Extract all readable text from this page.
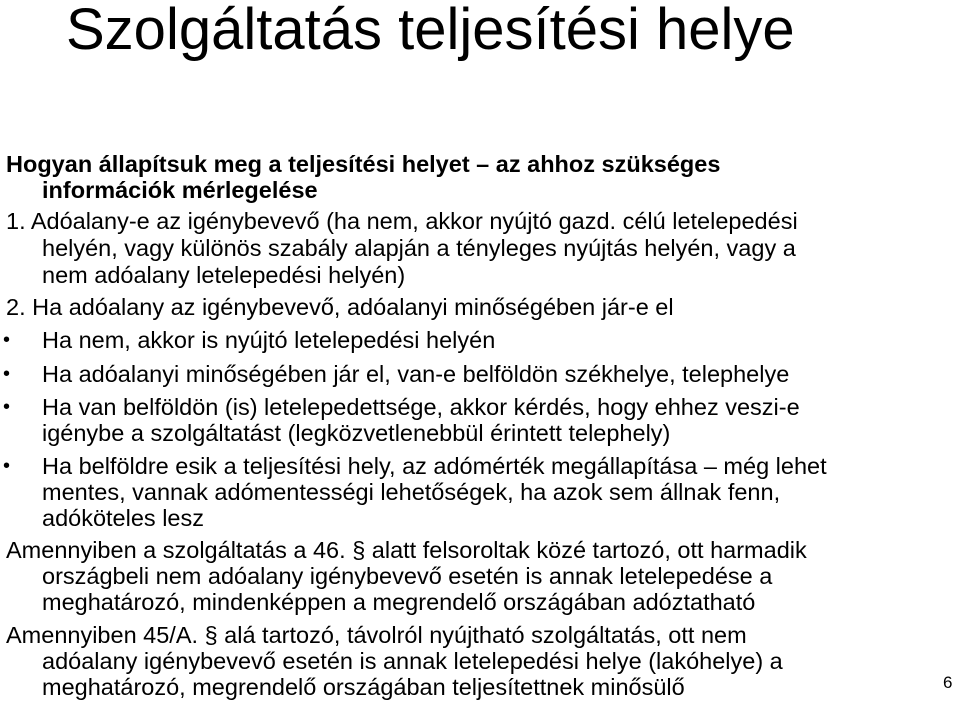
Szolgáltatás teljesítési helye
Hogyan állapítsuk meg a teljesítési helyet – az ahhoz szükséges
információk mérlegelése
1. Adóalany-e az igénybevevő (ha nem, akkor nyújtó gazd. célú letelepedési
helyén, vagy különös szabály alapján a tényleges nyújtás helyén, vagy a
nem adóalany letelepedési helyén)
2. Ha adóalany az igénybevevő, adóalanyi minőségében jár-e el
• Ha nem, akkor is nyújtó letelepedési helyén
• Ha adóalanyi minőségében jár el, van-e belföldön székhelye, telephelye
• Ha van belföldön (is) letelepedettsége, akkor kérdés, hogy ehhez veszi-e
igénybe a szolgáltatást (legközvetlenebbül érintett telephely)
• Ha belföldre esik a teljesítési hely, az adómérték megállapítása – még lehet
mentes, vannak adómentességi lehetőségek, ha azok sem állnak fenn,
adóköteles lesz
Amennyiben a szolgáltatás a 46. § alatt felsoroltak közé tartozó, ott harmadik
országbeli nem adóalany igénybevevő esetén is annak letelepedése a
meghatározó, mindenképpen a megrendelő országában adóztatható
Amennyiben 45/A. § alá tartozó, távolról nyújtható szolgáltatás, ott nem
adóalany igénybevevő esetén is annak letelepedési helye (lakóhelye) a
meghatározó, megrendelő országában teljesítettnek minősülő	6
